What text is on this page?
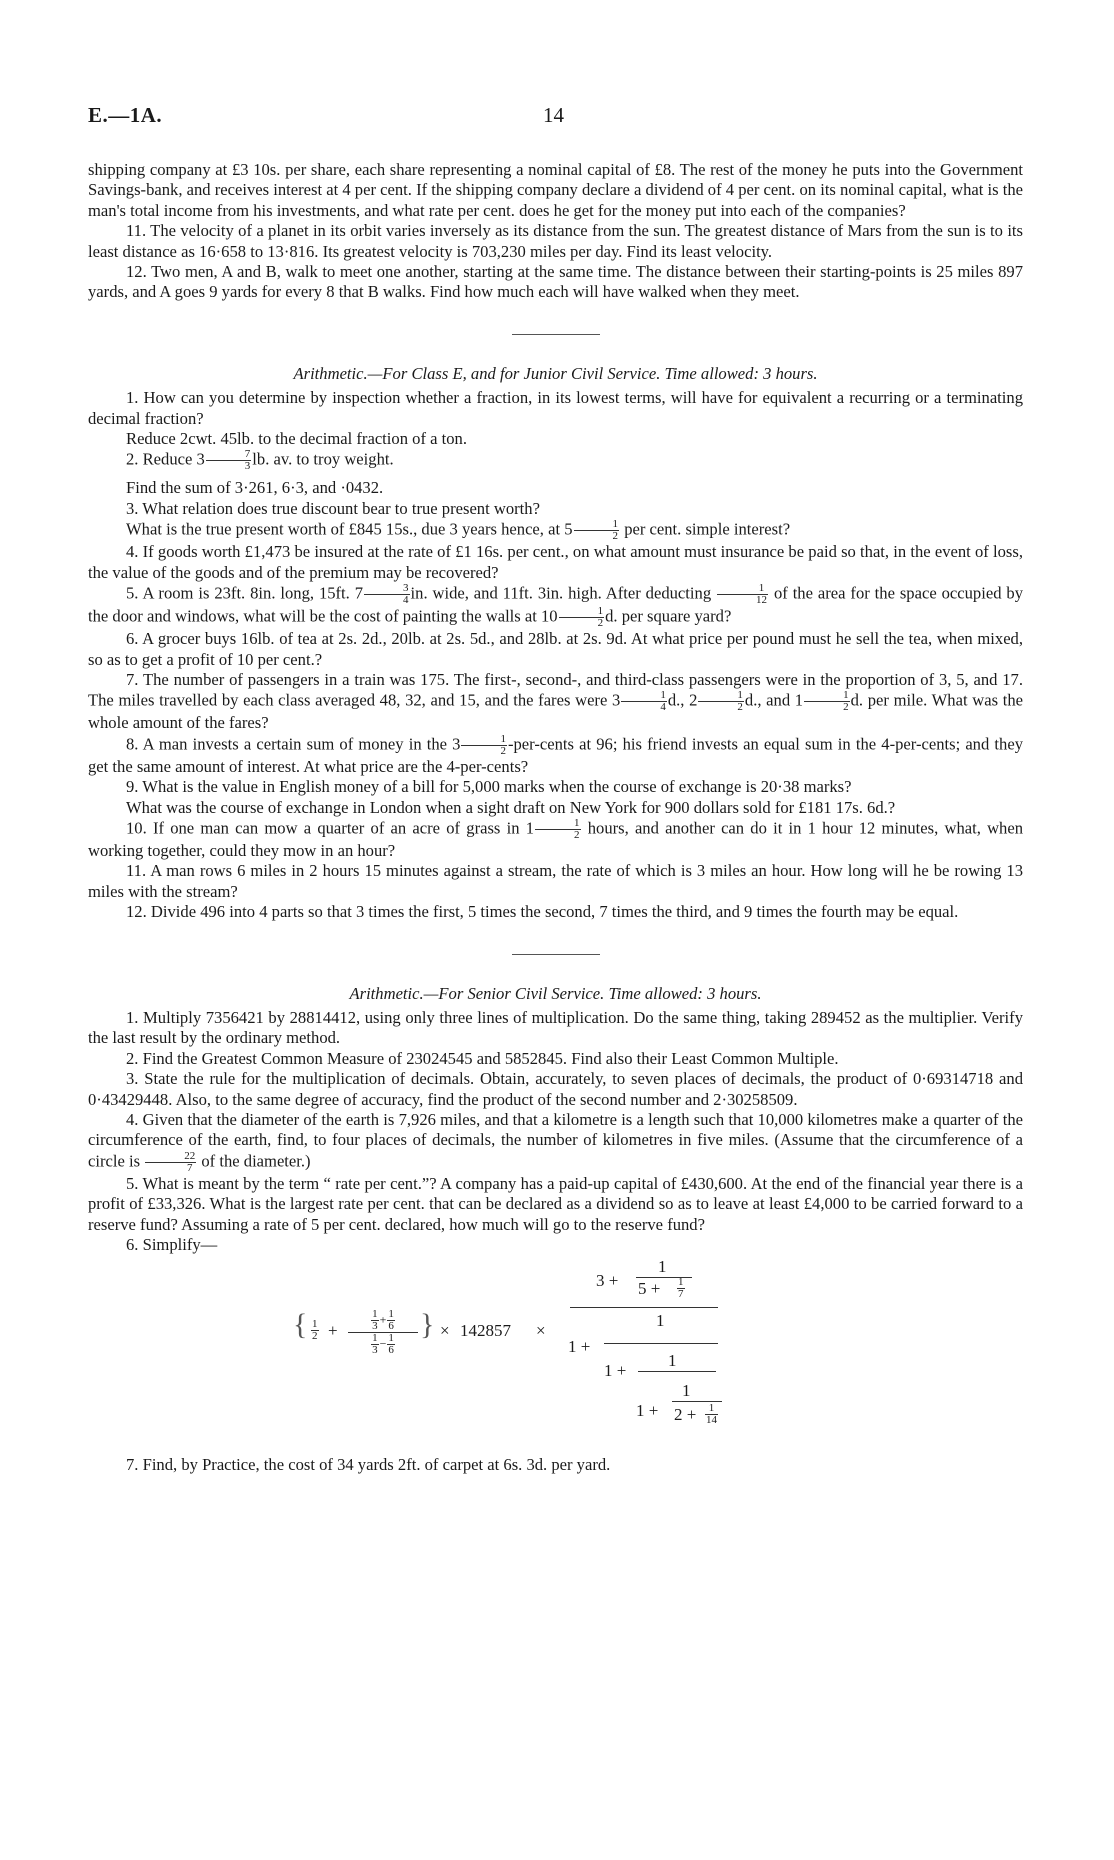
E.—1A.	14

shipping company at £3 10s. per share, each share representing a nominal capital of £8. The rest of the money he puts into the Government Savings-bank, and receives interest at 4 per cent. If the shipping company declare a dividend of 4 per cent. on its nominal capital, what is the man's total income from his investments, and what rate per cent. does he get for the money put into each of the companies?

11. The velocity of a planet in its orbit varies inversely as its distance from the sun. The greatest distance of Mars from the sun is to its least distance as 16·658 to 13·816. Its greatest velocity is 703,230 miles per day. Find its least velocity.

12. Two men, A and B, walk to meet one another, starting at the same time. The distance between their starting-points is 25 miles 897 yards, and A goes 9 yards for every 8 that B walks. Find how much each will have walked when they meet.

Arithmetic.—For Class E, and for Junior Civil Service. Time allowed: 3 hours.

1. How can you determine by inspection whether a fraction, in its lowest terms, will have for equivalent a recurring or a terminating decimal fraction?

Reduce 2cwt. 45lb. to the decimal fraction of a ton.

2. Reduce $3 \frac{7}{3}$ lb. av. to troy weight.

Find the sum of 3·261, 6·3, and ·0432.

3. What relation does true discount bear to true present worth?

What is the true present worth of £845 15s., due 3 years hence, at $5 \frac{1}{2}$ per cent. simple interest?

4. If goods worth £1,473 be insured at the rate of £1 16s. per cent., on what amount must insurance be paid so that, in the event of loss, the value of the goods and of the premium may be recovered?

5. A room is 23ft. 8in. long, 15ft. $7 \frac{3}{4}$ in. wide, and 11ft. 3in. high. After deducting $\frac{1}{12}$ of the area for the space occupied by the door and windows, what will be the cost of painting the walls at $10 \frac{1}{2} d$. per square yard?

6. A grocer buys 16lb. of tea at 2s. 2d., 20lb. at 2s. 5d., and 28lb. at 2s. 9d. At what price per pound must he sell the tea, when mixed, so as to get a profit of 10 per cent.?

7. The number of passengers in a train was 175. The first-, second-, and third-class passengers were in the proportion of 3, 5, and 17. The miles travelled by each class averaged 48, 32, and 15, and the fares were $3 \frac{1}{4} d$., $2 \frac{1}{2} d$., and $1 \frac{1}{2} d$. per mile. What was the whole amount of the fares?

8. A man invests a certain sum of money in the $3 \frac{1}{2}$ -per-cents at 96; his friend invests an equal sum in the 4-per-cents; and they get the same amount of interest. At what price are the 4-per-cents?

9. What is the value in English money of a bill for 5,000 marks when the course of exchange is 20·38 marks?

What was the course of exchange in London when a sight draft on New York for 900 dollars sold for £181 17s. 6d.?

10. If one man can mow a quarter of an acre of grass in $1 \frac{1}{2}$ hours, and another can do it in 1 hour 12 minutes, what, when working together, could they mow in an hour?

11. A man rows 6 miles in 2 hours 15 minutes against a stream, the rate of which is 3 miles an hour. How long will he be rowing 13 miles with the stream?

12. Divide 496 into 4 parts so that 3 times the first, 5 times the second, 7 times the third, and 9 times the fourth may be equal.

Arithmetic.—For Senior Civil Service. Time allowed: 3 hours.

1. Multiply 7356421 by 28814412, using only three lines of multiplication. Do the same thing, taking 289452 as the multiplier. Verify the last result by the ordinary method.

2. Find the Greatest Common Measure of 23024545 and 5852845. Find also their Least Common Multiple.

3. State the rule for the multiplication of decimals. Obtain, accurately, to seven places of decimals, the product of 0·69314718 and 0·43429448. Also, to the same degree of accuracy, find the product of the second number and 2·30258509.

4. Given that the diameter of the earth is 7,926 miles, and that a kilometre is a length such that 10,000 kilometres make a quarter of the circumference of the earth, find, to four places of decimals, the number of kilometres in five miles. (Assume that the circumference of a circle is $\frac{22}{7}$ of the diameter.)

5. What is meant by the term “ rate per cent.”? A company has a paid-up capital of £430,600. At the end of the financial year there is a profit of £33,326. What is the largest rate per cent. that can be declared as a dividend so as to leave at least £4,000 to be carried forward to a reserve fund? Assuming a rate of 5 per cent. declared, how much will go to the reserve fund?

6. Simplify—

{ $\frac{1}{2} + \frac{\frac{1}{3} + \frac{1}{6}}{\frac{1}{3} - \frac{1}{6}}$ } × 142857 ×
1
$3 + 5 + \frac{1}{7}$
1
1 +
1
1 +
1
$1 + 2 + \frac{1}{14}$

7. Find, by Practice, the cost of 34 yards 2ft. of carpet at 6s. 3d. per yard.
